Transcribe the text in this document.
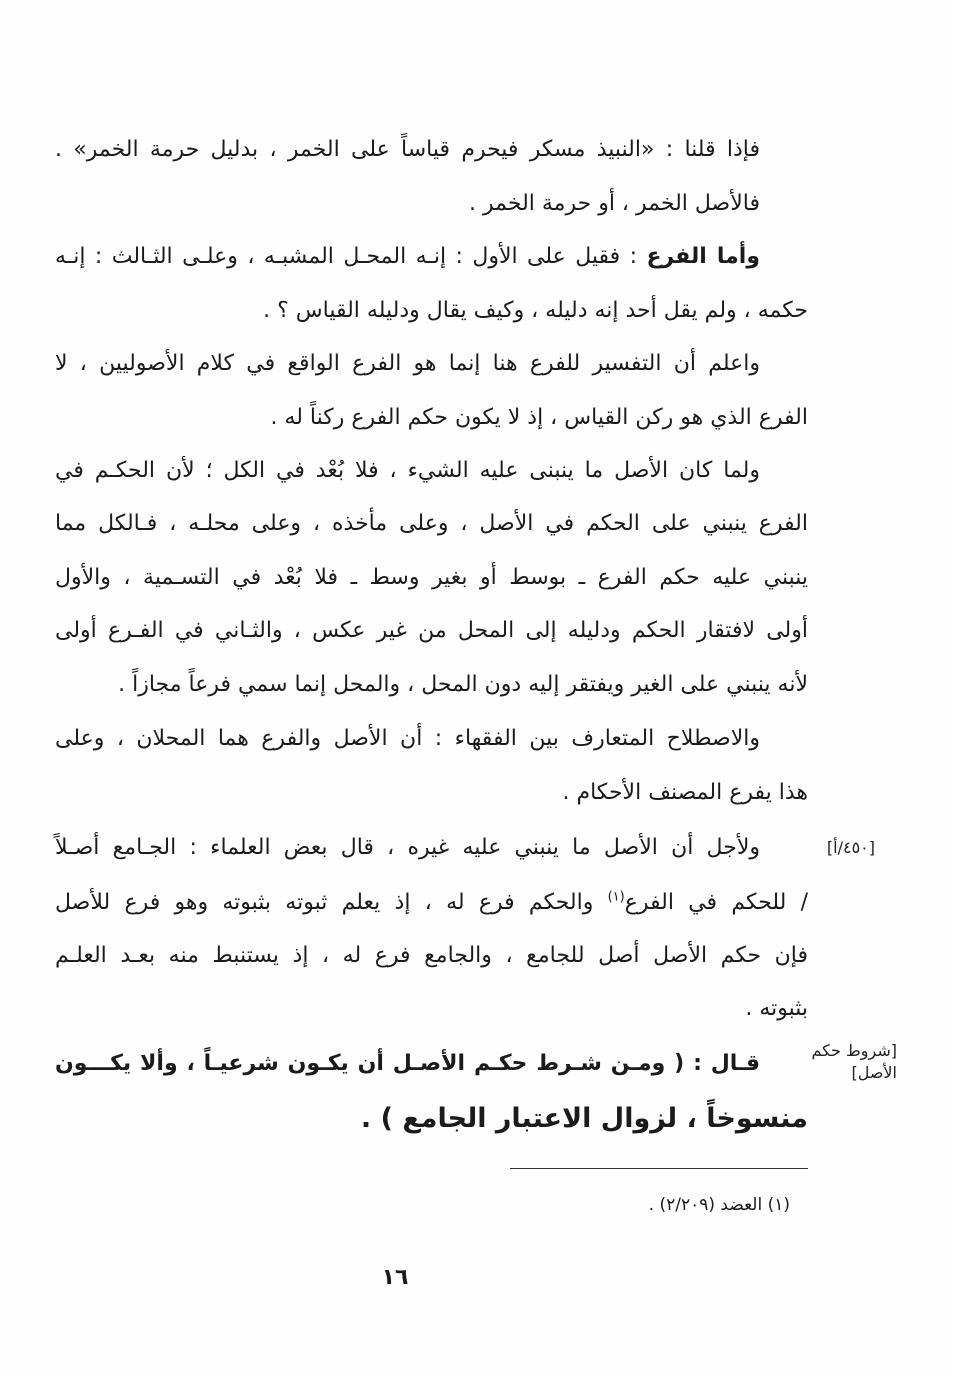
فإذا قلنا : «النبيذ مسكر فيحرم قياساً على الخمر ، بدليل حرمة الخمر» .
فالأصل الخمر ، أو حرمة الخمر .
وأما الفرع : فقيل على الأول : إنـه المحـل المشبـه ، وعلـى الثـالث : إنـه
حكمه ، ولم يقل أحد إنه دليله ، وكيف يقال ودليله القياس ؟ .
واعلم أن التفسير للفرع هنا إنما هو الفرع الواقع في كلام الأصوليين ، لا
الفرع الذي هو ركن القياس ، إذ لا يكون حكم الفرع ركناً له .
ولما كان الأصل ما ينبنى عليه الشيء ، فلا بُعْد في الكل ؛ لأن الحكـم في
الفرع ينبني على الحكم في الأصل ، وعلى مأخذه ، وعلى محلـه ، فـالكل مما
ينبني عليه حكم الفرع ـ بوسط أو بغير وسط ـ فلا بُعْد في التسـمية ، والأول
أولى لافتقار الحكم ودليله إلى المحل من غير عكس ، والثـاني في الفـرع أولى
لأنه ينبني على الغير ويفتقر إليه دون المحل ، والمحل إنما سمي فرعاً مجازاً .
والاصطلاح المتعارف بين الفقهاء : أن الأصل والفرع هما المحلان ، وعلى
هذا يفرع المصنف الأحكام .
ولأجل أن الأصل ما ينبني عليه غيره ، قال بعض العلماء : الجـامع أصـلاً
/ للحكم في الفرع$^{(١)}$ والحكم فرع له ، إذ يعلم ثبوته بثبوته وهو فرع للأصل
فإن حكم الأصل أصل للجامع ، والجامع فرع له ، إذ يستنبط منه بعـد العلـم
بثبوته .
قـال : ( ومـن شـرط حكـم الأصـل أن يكـون شرعيـاً ، وألا يكـــون
منسوخاً ، لزوال الاعتبار الجامع ) .
[أ/٤٥٠]
[شروط حكم
الأصل]
(١) العضد (٢/٢٠٩) .
١٦
